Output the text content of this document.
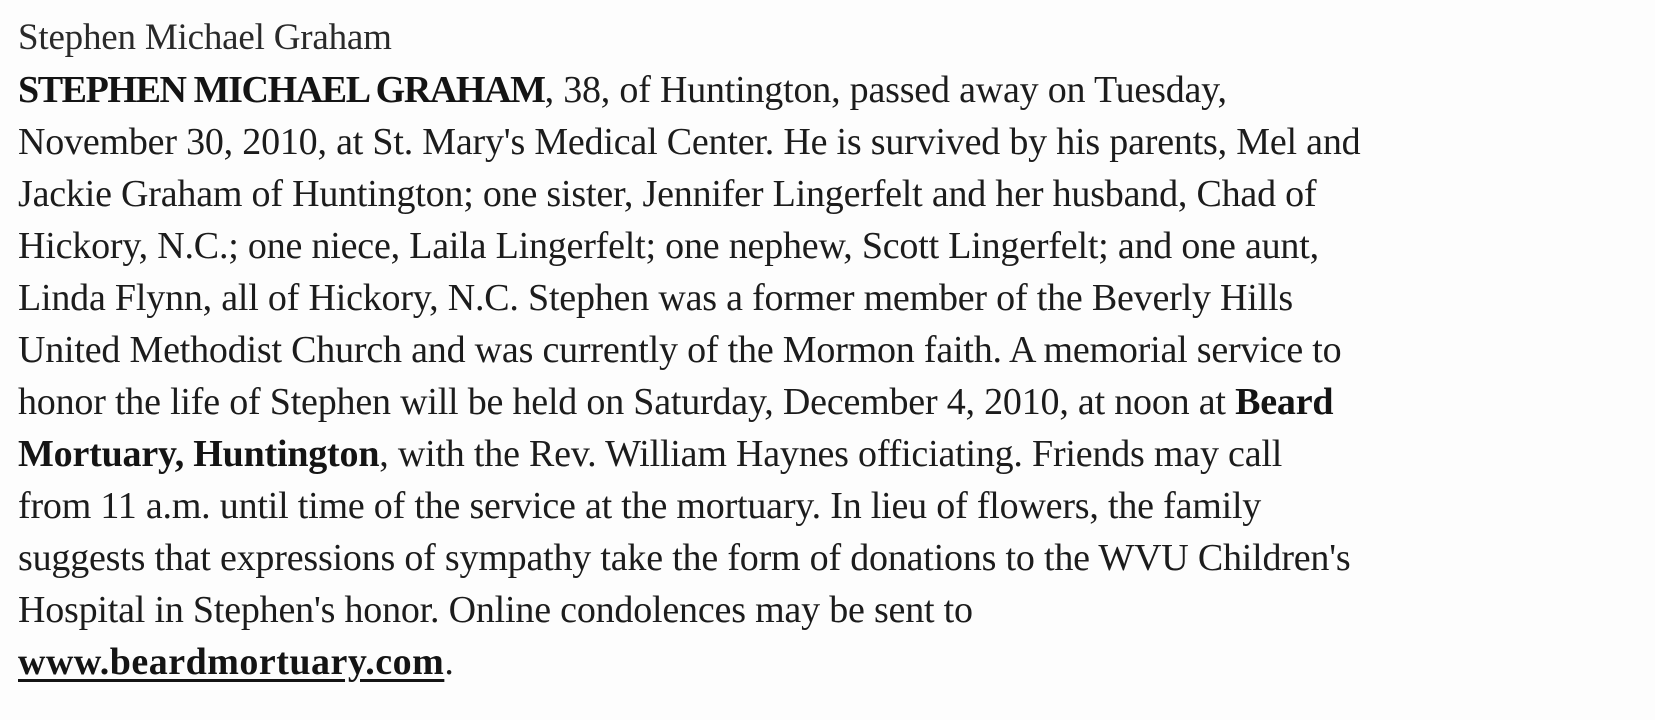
Stephen Michael Graham
STEPHEN MICHAEL GRAHAM, 38, of Huntington, passed away on Tuesday,
November 30, 2010, at St. Mary's Medical Center. He is survived by his parents, Mel and
Jackie Graham of Huntington; one sister, Jennifer Lingerfelt and her husband, Chad of
Hickory, N.C.; one niece, Laila Lingerfelt; one nephew, Scott Lingerfelt; and one aunt,
Linda Flynn, all of Hickory, N.C. Stephen was a former member of the Beverly Hills
United Methodist Church and was currently of the Mormon faith. A memorial service to
honor the life of Stephen will be held on Saturday, December 4, 2010, at noon at Beard
Mortuary, Huntington, with the Rev. William Haynes officiating. Friends may call
from 11 a.m. until time of the service at the mortuary. In lieu of flowers, the family
suggests that expressions of sympathy take the form of donations to the WVU Children's
Hospital in Stephen's honor. Online condolences may be sent to
www.beardmortuary.com.
